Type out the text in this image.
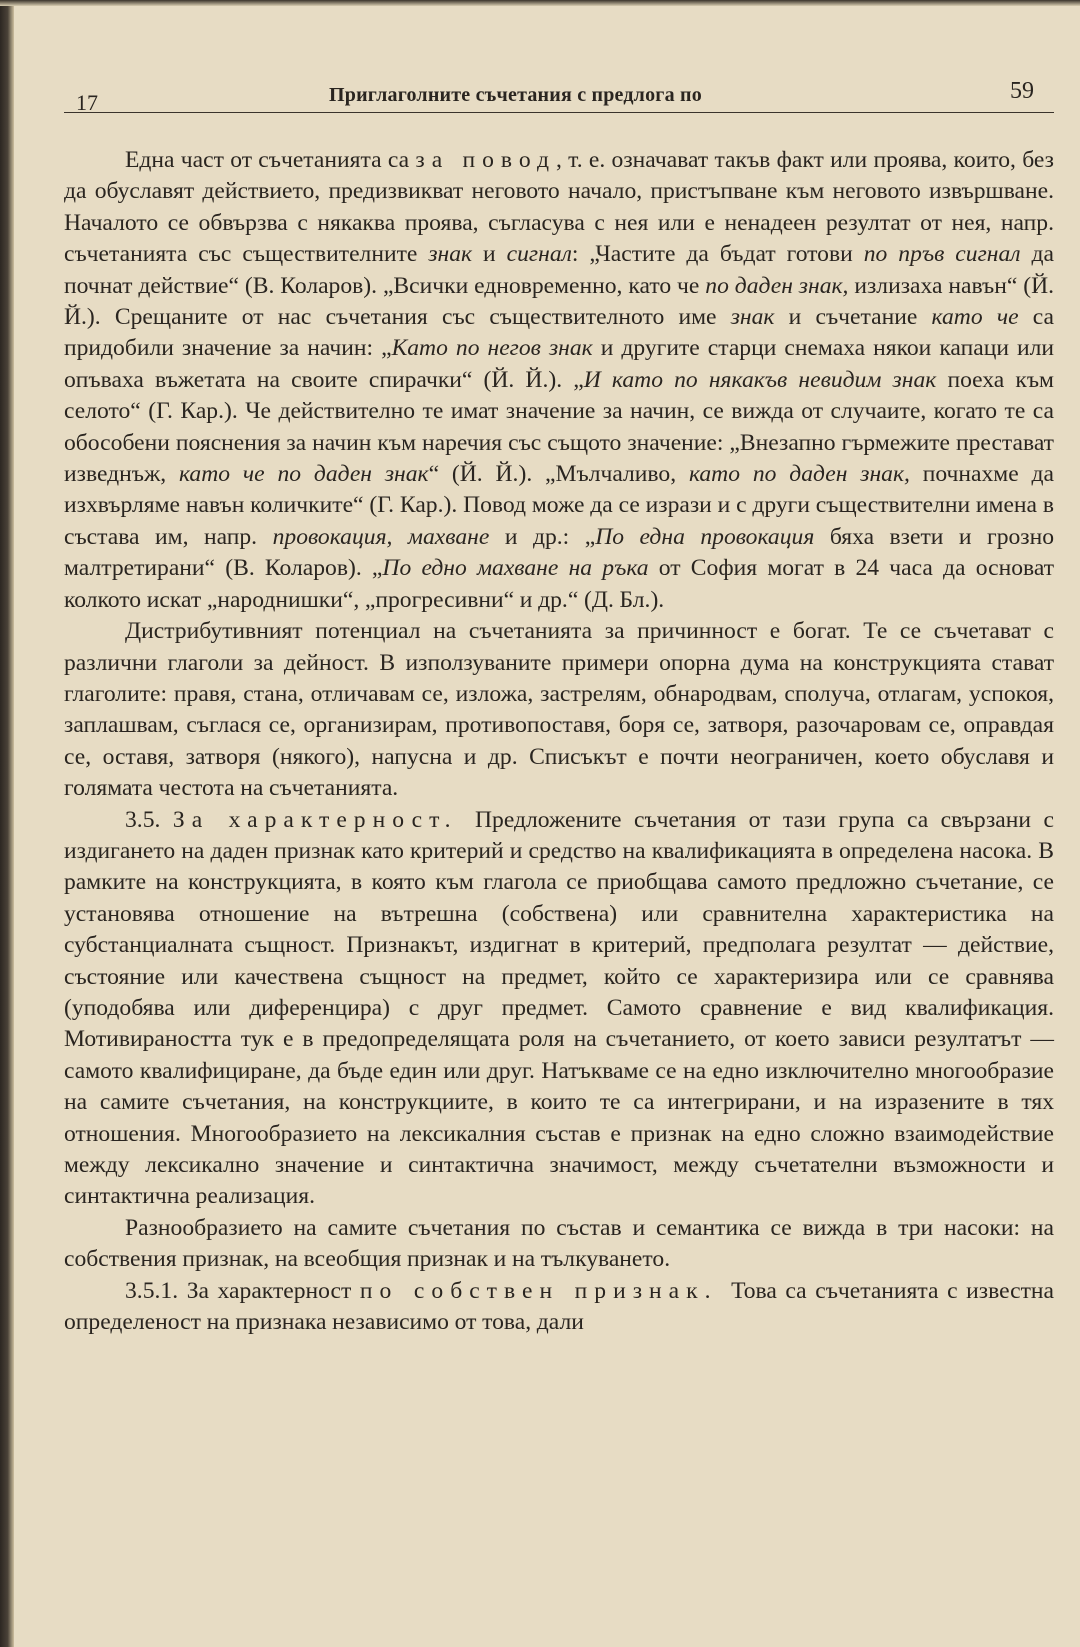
17	Приглаголните съчетания с предлога по	59

Една част от съчетанията са за повод, т. е. означават такъв факт или проява, които, без да обуславят действието, предизвикват неговото начало, пристъпване към неговото извършване. Началото се обвързва с някаква проява, съгласува с нея или е ненадеен резултат от нея, напр. съчетанията със съществителните знак и сигнал: „Частите да бъдат готови по пръв сигнал да почнат действие“ (В. Коларов). „Всички едновременно, като че по даден знак, излизаха навън“ (Й. Й.). Срещаните от нас съчетания със съществителното име знак и съчетание като че са придобили значение за начин: „Като по негов знак и другите старци снемаха някои капаци или опъваха въжетата на своите спирачки“ (Й. Й.). „И като по някакъв невидим знак поеха към селото“ (Г. Кар.). Че действително те имат значение за начин, се вижда от случаите, когато те са обособени пояснения за начин към наречия със същото значение: „Внезапно гърмежите престават изведнъж, като че по даден знак“ (Й. Й.). „Мълчаливо, като по даден знак, почнахме да изхвърляме навън количките“ (Г. Кар.). Повод може да се изрази и с други съществителни имена в състава им, напр. провокация, махване и др.: „По една провокация бяха взети и грозно малтретирани“ (В. Коларов). „По едно махване на ръка от София могат в 24 часа да основат колкото искат „народнишки“, „прогресивни“ и др.“ (Д. Бл.).

Дистрибутивният потенциал на съчетанията за причинност е богат. Те се съчетават с различни глаголи за дейност. В използуваните примери опорна дума на конструкцията стават глаголите: правя, стана, отличавам се, изложа, застрелям, обнародвам, сполуча, отлагам, успокоя, заплашвам, съглася се, организирам, противопоставя, боря се, затворя, разочаровам се, оправдая се, оставя, затворя (някого), напусна и др. Списъкът е почти неограничен, което обуславя и голямата честота на съчетанията.

3.5. За характерност. Предложените съчетания от тази група са свързани с издигането на даден признак като критерий и средство на квалификацията в определена насока. В рамките на конструкцията, в която към глагола се приобщава самото предложно съчетание, се установява отношение на вътрешна (собствена) или сравнителна характеристика на субстанциалната същност. Признакът, издигнат в критерий, предполага резултат — действие, състояние или качествена същност на предмет, който се характеризира или се сравнява (уподобява или диференцира) с друг предмет. Самото сравнение е вид квалификация. Мотивираността тук е в предопределящата роля на съчетанието, от което зависи резултатът — самото квалифициране, да бъде един или друг. Натъкваме се на едно изключително многообразие на самите съчетания, на конструкциите, в които те са интегрирани, и на изразените в тях отношения. Многообразието на лексикалния състав е признак на едно сложно взаимодействие между лексикално значение и синтактична значимост, между съчетателни възможности и синтактична реализация.

Разнообразието на самите съчетания по състав и семантика се вижда в три насоки: на собствения признак, на всеобщия признак и на тълкуването.

3.5.1. За характерност по собствен признак. Това са съчетанията с известна определеност на признака независимо от това, дали
